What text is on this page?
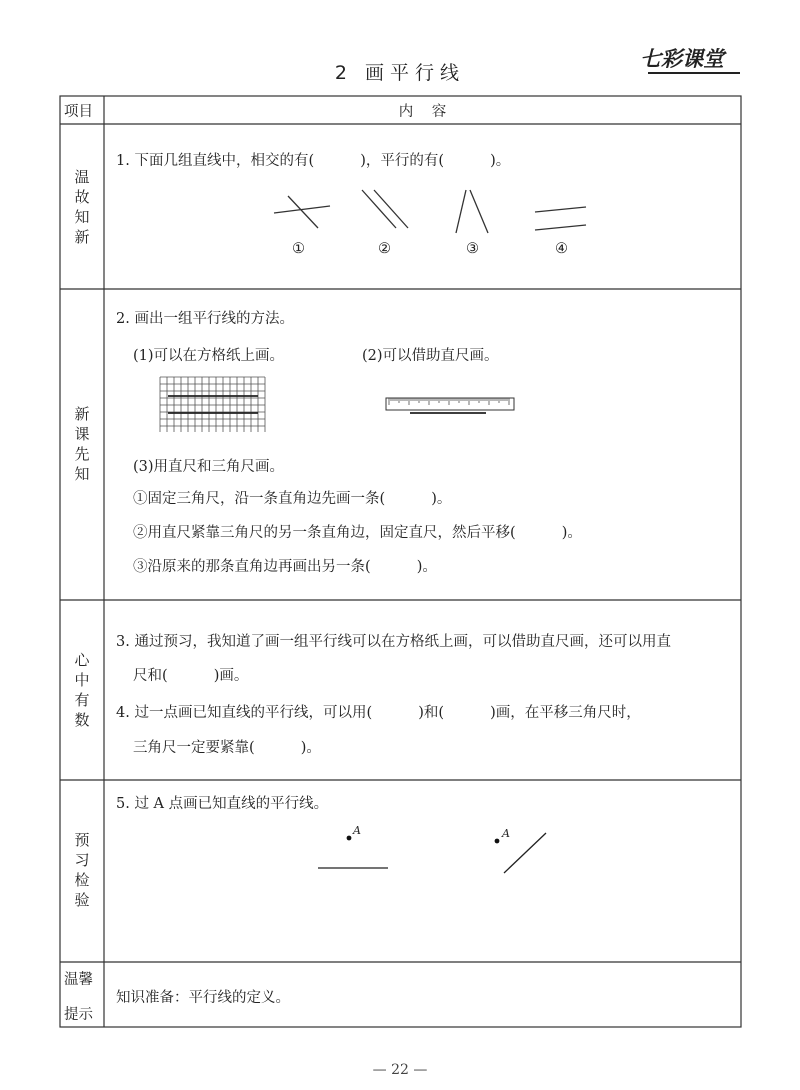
2 画平行线
七彩课堂
项目	内    容
温故知新
1. 下面几组直线中，相交的有(          )，平行的有(          )。
①	②	③	④
新课先知
2. 画出一组平行线的方法。
(1)可以在方格纸上画。	(2)可以借助直尺画。
(3)用直尺和三角尺画。
①固定三角尺，沿一条直角边先画一条(          )。
②用直尺紧靠三角尺的另一条直角边，固定直尺，然后平移(          )。
③沿原来的那条直角边再画出另一条(          )。
心中有数
3. 通过预习，我知道了画一组平行线可以在方格纸上画，可以借助直尺画，还可以用直
尺和(          )画。
4. 过一点画已知直线的平行线，可以用(          )和(          )画，在平移三角尺时，
三角尺一定要紧靠(          )。
预习检验
5. 过 A 点画已知直线的平行线。
A	A
温馨
提示
知识准备：平行线的定义。
— 22 —
